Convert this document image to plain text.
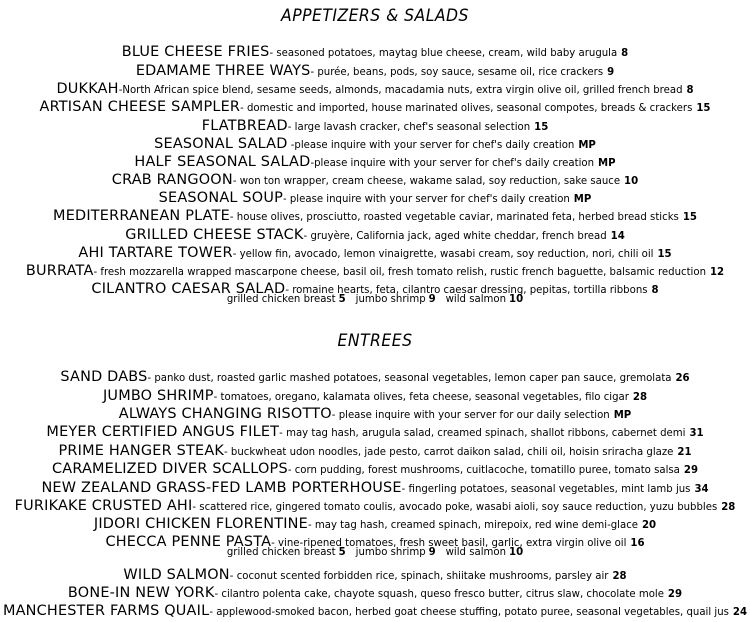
APPETIZERS & SALADS
BLUE CHEESE FRIES- seasoned potatoes, maytag blue cheese, cream, wild baby arugula 8
EDAMAME THREE WAYS- purée, beans, pods, soy sauce, sesame oil, rice crackers 9
DUKKAH-North African spice blend, sesame seeds, almonds, macadamia nuts, extra virgin olive oil, grilled french bread 8
ARTISAN CHEESE SAMPLER- domestic and imported, house marinated olives, seasonal compotes, breads & crackers 15
FLATBREAD- large lavash cracker, chef's seasonal selection 15
SEASONAL SALAD -please inquire with your server for chef's daily creation MP
HALF SEASONAL SALAD-please inquire with your server for chef's daily creation MP
CRAB RANGOON- won ton wrapper, cream cheese, wakame salad, soy reduction, sake sauce 10
SEASONAL SOUP- please inquire with your server for chef's daily creation MP
MEDITERRANEAN PLATE- house olives, prosciutto, roasted vegetable caviar, marinated feta, herbed bread sticks 15
GRILLED CHEESE STACK- gruyère, California jack, aged white cheddar, french bread 14
AHI TARTARE TOWER- yellow fin, avocado, lemon vinaigrette, wasabi cream, soy reduction, nori, chili oil 15
BURRATA- fresh mozzarella wrapped mascarpone cheese, basil oil, fresh tomato relish, rustic french baguette, balsamic reduction 12
CILANTRO CAESAR SALAD- romaine hearts, feta, cilantro caesar dressing, pepitas, tortilla ribbons 8
grilled chicken breast 5 jumbo shrimp 9 wild salmon 10
ENTREES
SAND DABS- panko dust, roasted garlic mashed potatoes, seasonal vegetables, lemon caper pan sauce, gremolata 26
JUMBO SHRIMP- tomatoes, oregano, kalamata olives, feta cheese, seasonal vegetables, filo cigar 28
ALWAYS CHANGING RISOTTO- please inquire with your server for our daily selection MP
MEYER CERTIFIED ANGUS FILET- may tag hash, arugula salad, creamed spinach, shallot ribbons, cabernet demi 31
PRIME HANGER STEAK- buckwheat udon noodles, jade pesto, carrot daikon salad, chili oil, hoisin sriracha glaze 21
CARAMELIZED DIVER SCALLOPS- corn pudding, forest mushrooms, cuitlacoche, tomatillo puree, tomato salsa 29
NEW ZEALAND GRASS-FED LAMB PORTERHOUSE- fingerling potatoes, seasonal vegetables, mint lamb jus 34
FURIKAKE CRUSTED AHI- scattered rice, gingered tomato coulis, avocado poke, wasabi aioli, soy sauce reduction, yuzu bubbles 28
JIDORI CHICKEN FLORENTINE- may tag hash, creamed spinach, mirepoix, red wine demi-glace 20
CHECCA PENNE PASTA- vine-ripened tomatoes, fresh sweet basil, garlic, extra virgin olive oil 16
grilled chicken breast 5 jumbo shrimp 9 wild salmon 10
WILD SALMON- coconut scented forbidden rice, spinach, shiitake mushrooms, parsley air 28
BONE-IN NEW YORK- cilantro polenta cake, chayote squash, queso fresco butter, citrus slaw, chocolate mole 29
MANCHESTER FARMS QUAIL- applewood-smoked bacon, herbed goat cheese stuffing, potato puree, seasonal vegetables, quail jus 24
